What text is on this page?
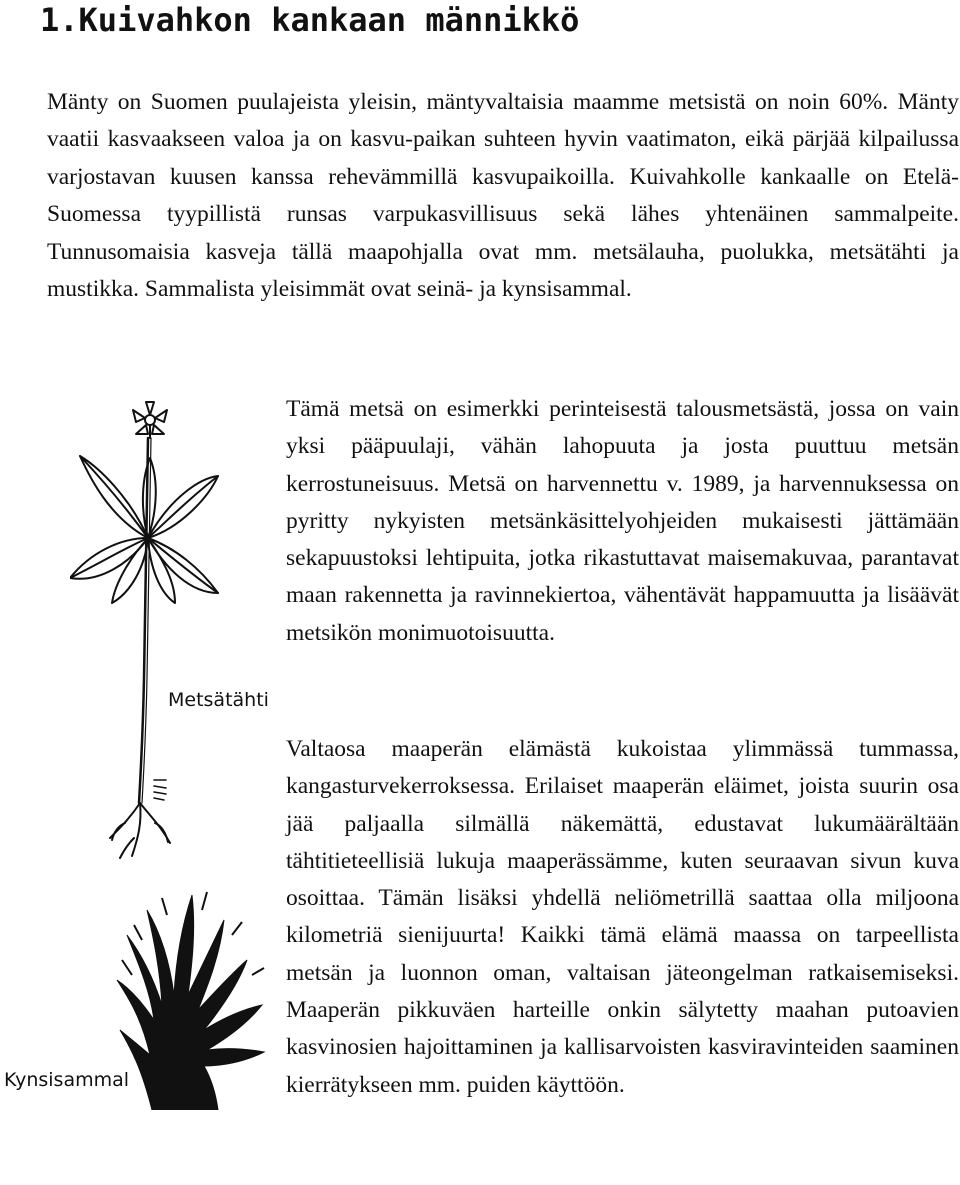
1.Kuivahkon kankaan männikkö

Mänty on Suomen puulajeista yleisin, mäntyvaltaisia maamme metsistä on noin 60%. Mänty vaatii kasvaakseen valoa ja on kasvu-paikan suhteen hyvin vaatimaton, eikä pärjää kilpailussa varjostavan kuusen kanssa rehevämmillä kasvupaikoilla. Kuivahkolle kankaalle on Etelä-Suomessa tyypillistä runsas varpukasvillisuus sekä lähes yhtenäinen sammalpeite. Tunnusomaisia kasveja tällä maapohjalla ovat mm. metsälauha, puolukka, metsätähti ja mustikka. Sammalista yleisimmät ovat seinä- ja kynsisammal.

Metsätähti

Tämä metsä on esimerkki perinteisestä talousmetsästä, jossa on vain yksi pääpuulaji, vähän lahopuuta ja josta puuttuu metsän kerrostuneisuus. Metsä on harvennettu v. 1989, ja harvennuksessa on pyritty nykyisten metsänkäsittelyohjeiden mukaisesti jättämään sekapuustoksi lehtipuita, jotka rikastuttavat maisemakuvaa, parantavat maan rakennetta ja ravinnekiertoa, vähentävät happamuutta ja lisäävät metsikön monimuotoisuutta.

Valtaosa maaperän elämästä kukoistaa ylimmässä tummassa, kangasturvekerroksessa. Erilaiset maaperän eläimet, joista suurin osa jää paljaalla silmällä näkemättä, edustavat lukumäärältään tähtitieteellisiä lukuja maaperässämme, kuten seuraavan sivun kuva osoittaa. Tämän lisäksi yhdellä neliömetrillä saattaa olla miljoona kilometriä sienijuurta! Kaikki tämä elämä maassa on tarpeellista metsän ja luonnon oman, valtaisan jäteongelman ratkaisemiseksi. Maaperän pikkuväen harteille onkin sälytetty maahan putoavien kasvinosien hajoittaminen ja kallisarvoisten kasviravinteiden saaminen kierrätykseen mm. puiden käyttöön.

Kynsisammal
